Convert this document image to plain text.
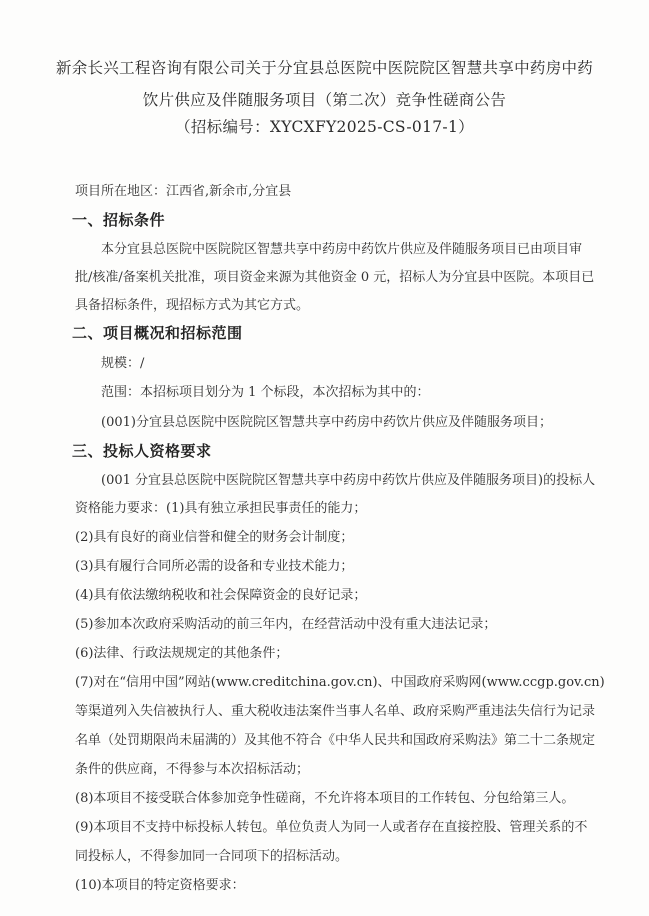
新余长兴工程咨询有限公司关于分宜县总医院中医院院区智慧共享中药房中药
饮片供应及伴随服务项目（第二次）竞争性磋商公告
（招标编号：XYCXFY2025-CS-017-1）
项目所在地区：江西省,新余市,分宜县
一、招标条件
本分宜县总医院中医院院区智慧共享中药房中药饮片供应及伴随服务项目已由项目审
批/核准/备案机关批准，项目资金来源为其他资金 0 元，招标人为分宜县中医院。本项目已
具备招标条件，现招标方式为其它方式。
二、项目概况和招标范围
规模：/
范围：本招标项目划分为 1 个标段，本次招标为其中的：
(001)分宜县总医院中医院院区智慧共享中药房中药饮片供应及伴随服务项目；
三、投标人资格要求
(001 分宜县总医院中医院院区智慧共享中药房中药饮片供应及伴随服务项目)的投标人
资格能力要求：(1)具有独立承担民事责任的能力；
(2)具有良好的商业信誉和健全的财务会计制度；
(3)具有履行合同所必需的设备和专业技术能力；
(4)具有依法缴纳税收和社会保障资金的良好记录；
(5)参加本次政府采购活动的前三年内，在经营活动中没有重大违法记录；
(6)法律、行政法规规定的其他条件；
(7)对在“信用中国”网站(www.creditchina.gov.cn)、中国政府采购网(www.ccgp.gov.cn)
等渠道列入失信被执行人、重大税收违法案件当事人名单、政府采购严重违法失信行为记录
名单（处罚期限尚未届满的）及其他不符合《中华人民共和国政府采购法》第二十二条规定
条件的供应商，不得参与本次招标活动；
(8)本项目不接受联合体参加竞争性磋商，不允许将本项目的工作转包、分包给第三人。
(9)本项目不支持中标投标人转包。单位负责人为同一人或者存在直接控股、管理关系的不
同投标人，不得参加同一合同项下的招标活动。
(10)本项目的特定资格要求：
